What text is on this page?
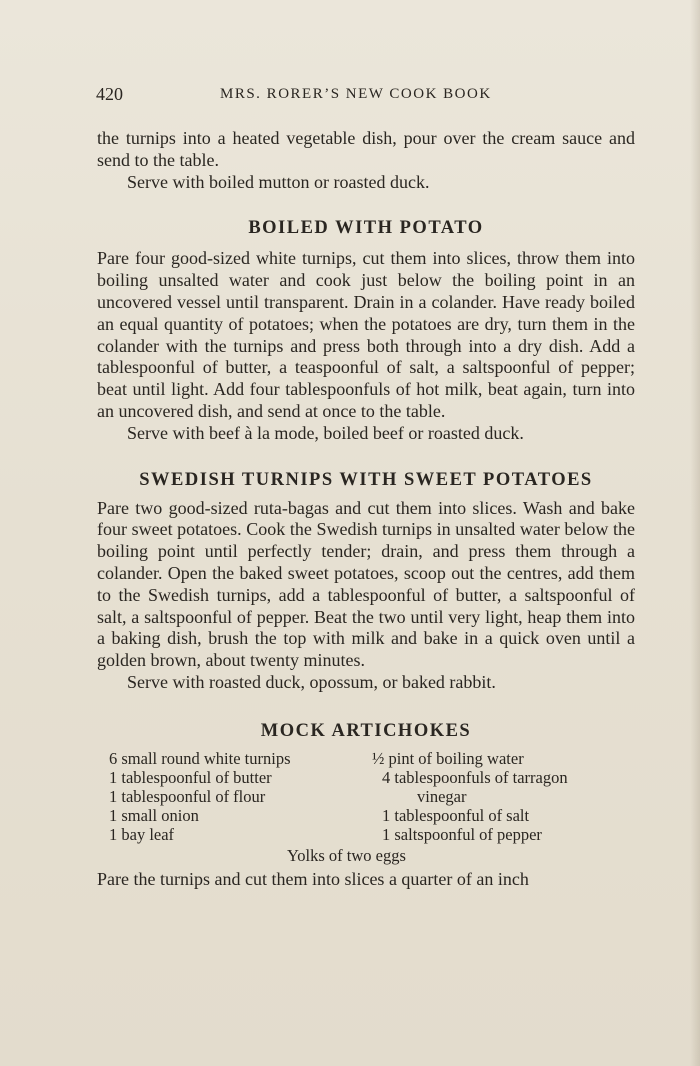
420	MRS. RORER’S NEW COOK BOOK

the turnips into a heated vegetable dish, pour over the cream sauce and send to the table.

Serve with boiled mutton or roasted duck.

BOILED WITH POTATO

Pare four good-sized white turnips, cut them into slices, throw them into boiling unsalted water and cook just below the boiling point in an uncovered vessel until transparent. Drain in a colander. Have ready boiled an equal quantity of potatoes; when the potatoes are dry, turn them in the colander with the turnips and press both through into a dry dish. Add a tablespoonful of butter, a teaspoonful of salt, a saltspoonful of pepper; beat until light. Add four tablespoonfuls of hot milk, beat again, turn into an uncovered dish, and send at once to the table.

Serve with beef à la mode, boiled beef or roasted duck.

SWEDISH TURNIPS WITH SWEET POTATOES

Pare two good-sized ruta-bagas and cut them into slices. Wash and bake four sweet potatoes. Cook the Swedish turnips in unsalted water below the boiling point until perfectly tender; drain, and press them through a colander. Open the baked sweet potatoes, scoop out the centres, add them to the Swedish turnips, add a tablespoonful of butter, a saltspoonful of salt, a saltspoonful of pepper. Beat the two until very light, heap them into a baking dish, brush the top with milk and bake in a quick oven until a golden brown, about twenty minutes.

Serve with roasted duck, opossum, or baked rabbit.

MOCK ARTICHOKES

6 small round white turnips

1 tablespoonful of butter

1 tablespoonful of flour

1 small onion

1 bay leaf

½ pint of boiling water

4 tablespoonfuls of tarragon

vinegar

1 tablespoonful of salt

1 saltspoonful of pepper

Yolks of two eggs

Pare the turnips and cut them into slices a quarter of an inch
